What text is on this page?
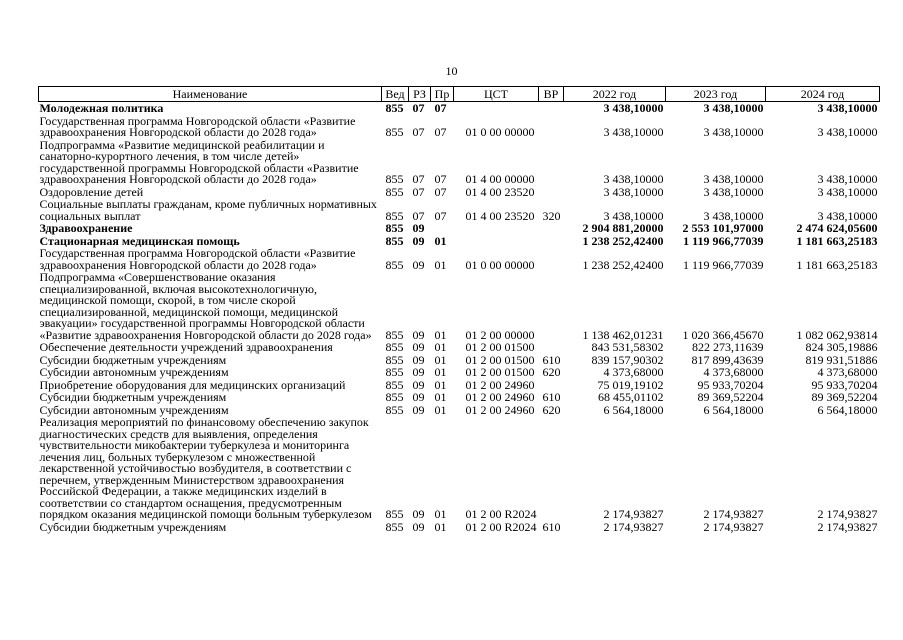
10
Наименование	Вед	РЗ	Пр	ЦСТ	ВР	2022 год	2023 год	2024 год
Молодежная политика	855	07	07			3 438,10000	3 438,10000	3 438,10000
Государственная программа Новгородской области «Развитие здравоохранения Новгородской области до 2028 года»	855	07	07	01 0 00 00000		3 438,10000	3 438,10000	3 438,10000
Подпрограмма «Развитие медицинской реабилитации и санаторно-курортного лечения, в том числе детей» государственной программы Новгородской области «Развитие здравоохранения Новгородской области до 2028 года»	855	07	07	01 4 00 00000		3 438,10000	3 438,10000	3 438,10000
Оздоровление детей	855	07	07	01 4 00 23520		3 438,10000	3 438,10000	3 438,10000
Социальные выплаты гражданам, кроме публичных нормативных социальных выплат	855	07	07	01 4 00 23520	320	3 438,10000	3 438,10000	3 438,10000
Здравоохранение	855	09				2 904 881,20000	2 553 101,97000	2 474 624,05600
Стационарная медицинская помощь	855	09	01			1 238 252,42400	1 119 966,77039	1 181 663,25183
Государственная программа Новгородской области «Развитие здравоохранения Новгородской области до 2028 года»	855	09	01	01 0 00 00000		1 238 252,42400	1 119 966,77039	1 181 663,25183
Подпрограмма «Совершенствование оказания специализированной, включая высокотехнологичную, медицинской помощи, скорой, в том числе скорой специализированной, медицинской помощи, медицинской эвакуации» государственной программы Новгородской области «Развитие здравоохранения Новгородской области до 2028 года»	855	09	01	01 2 00 00000		1 138 462,01231	1 020 366,45670	1 082 062,93814
Обеспечение деятельности учреждений здравоохранения	855	09	01	01 2 00 01500		843 531,58302	822 273,11639	824 305,19886
Субсидии бюджетным учреждениям	855	09	01	01 2 00 01500	610	839 157,90302	817 899,43639	819 931,51886
Субсидии автономным учреждениям	855	09	01	01 2 00 01500	620	4 373,68000	4 373,68000	4 373,68000
Приобретение оборудования для медицинских организаций	855	09	01	01 2 00 24960		75 019,19102	95 933,70204	95 933,70204
Субсидии бюджетным учреждениям	855	09	01	01 2 00 24960	610	68 455,01102	89 369,52204	89 369,52204
Субсидии автономным учреждениям	855	09	01	01 2 00 24960	620	6 564,18000	6 564,18000	6 564,18000
Реализация мероприятий по финансовому обеспечению закупок диагностических средств для выявления, определения чувствительности микобактерии туберкулеза и мониторинга лечения лиц, больных туберкулезом с множественной лекарственной устойчивостью возбудителя, в соответствии с перечнем, утвержденным Министерством здравоохранения Российской Федерации, а также медицинских изделий в соответствии со стандартом оснащения, предусмотренным порядком оказания медицинской помощи больным туберкулезом	855	09	01	01 2 00 R2024		2 174,93827	2 174,93827	2 174,93827
Субсидии бюджетным учреждениям	855	09	01	01 2 00 R2024	610	2 174,93827	2 174,93827	2 174,93827
